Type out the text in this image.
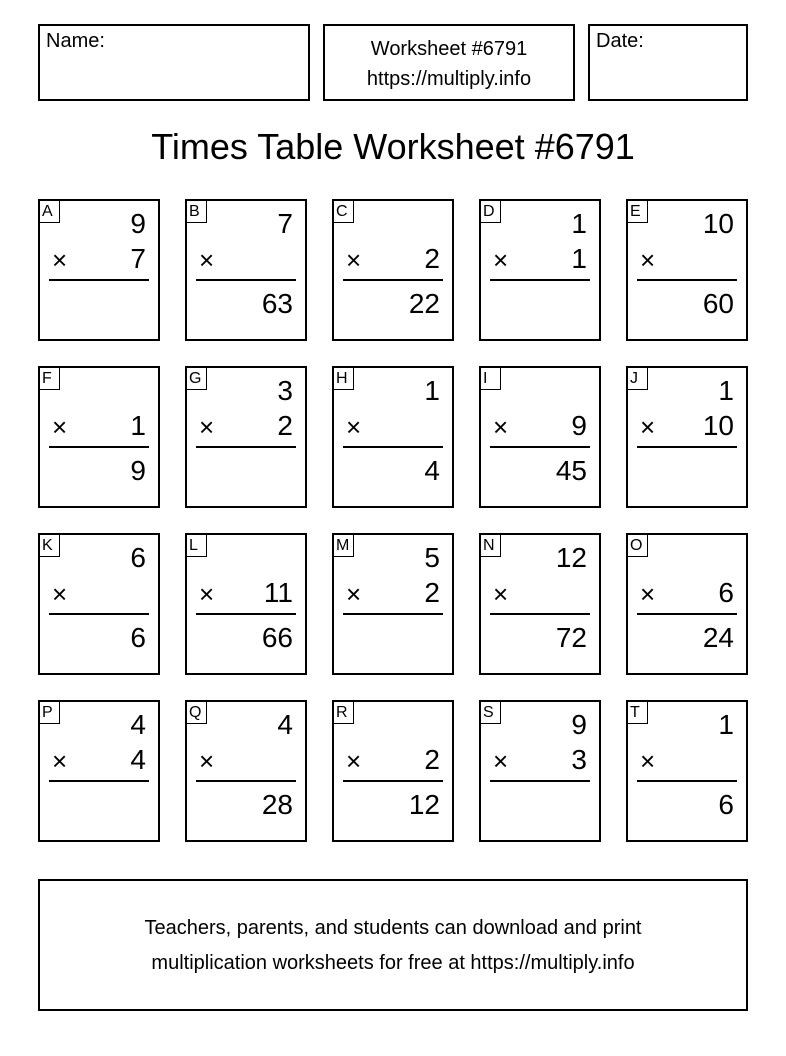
Name:	Worksheet #6791
https://multiply.info
Date:
Times Table Worksheet #6791
A	9
× 7
B	7
×
63
C
× 2
22
D	1
× 1
E 10
×
60
F
× 1
9
G	3
× 2
H	1
×
4
I
× 9
45
J	1
× 10
K	6
×
6
L
× 11
66
M	5
× 2
N 12
×
72
O
× 6
24
P	4
× 4
Q	4
×
28
R
× 2
12
S	9
× 3
T	1
×
6
Teachers, parents, and students can download and print
multiplication worksheets for free at https://multiply.info
